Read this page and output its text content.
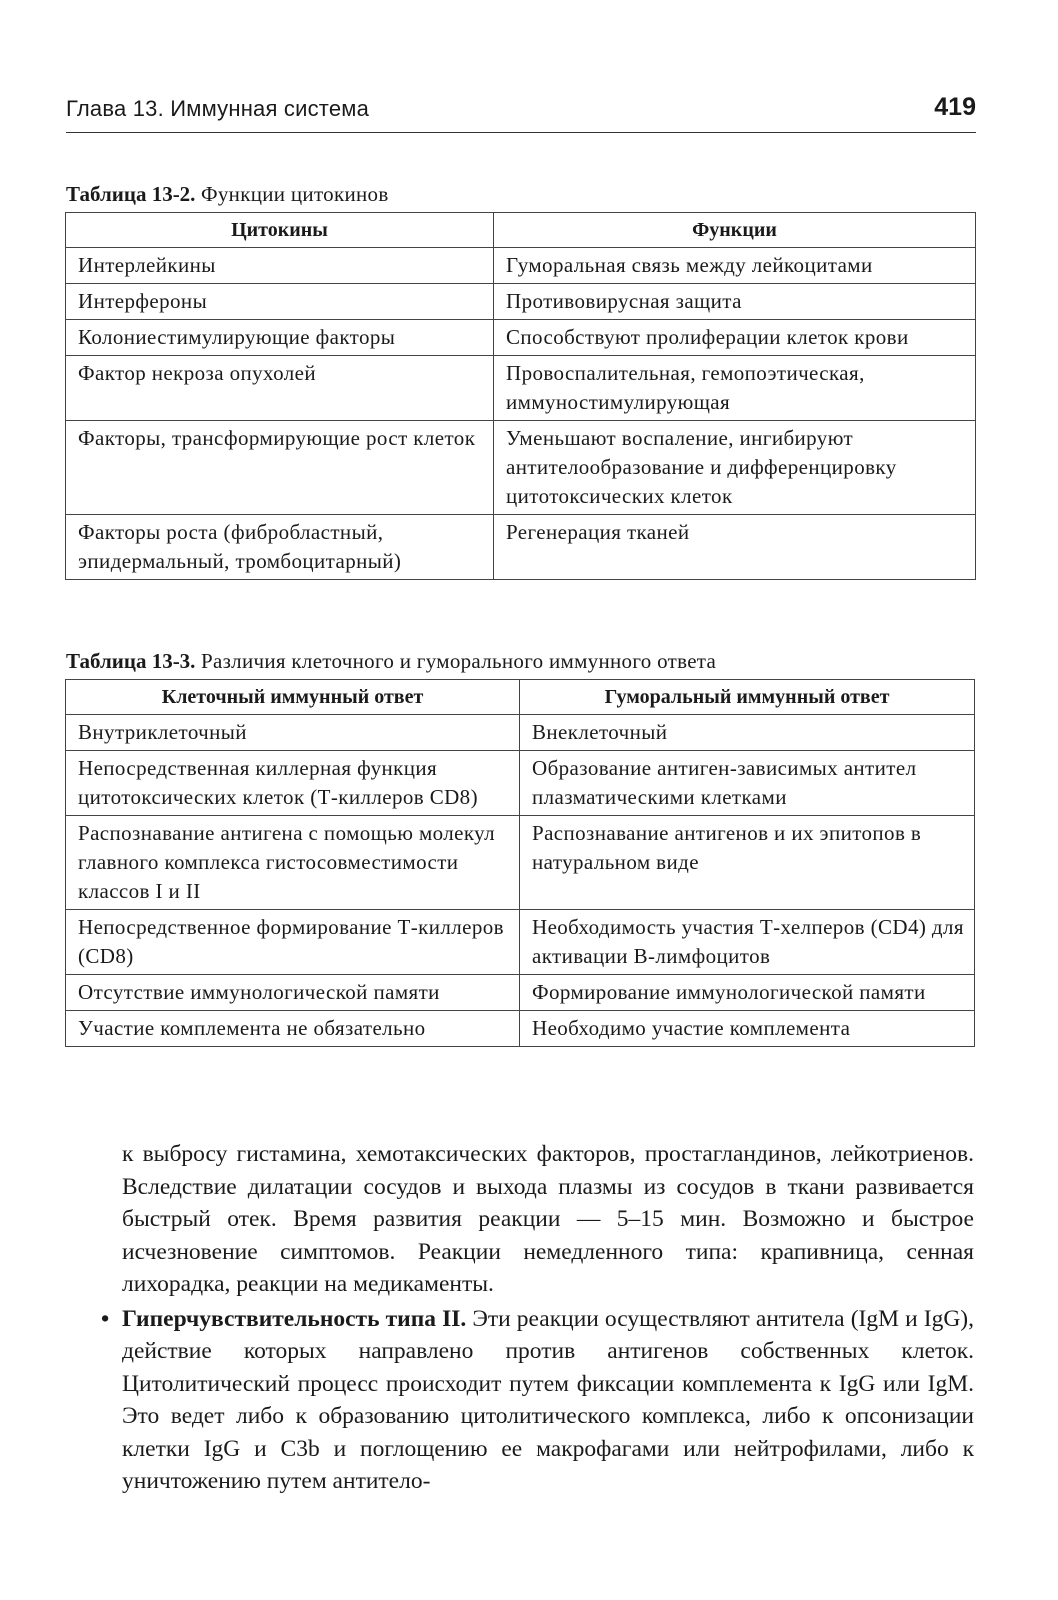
Глава 13. Иммунная система	419
Таблица 13-2. Функции цитокинов
Цитокины	Функции
Интерлейкины	Гуморальная связь между лейкоцитами
Интерфероны	Противовирусная защита
Колониестимулирующие факторы	Способствуют пролиферации клеток крови
Фактор некроза опухолей	Провоспалительная, гемопоэтическая, иммуностимулирующая
Факторы, трансформирующие рост клеток	Уменьшают воспаление, ингибируют антителообразование и дифференцировку цитотоксических клеток
Факторы роста (фибробластный, эпидермальный, тромбоцитарный)	Регенерация тканей
Таблица 13-3. Различия клеточного и гуморального иммунного ответа
Клеточный иммунный ответ	Гуморальный иммунный ответ
Внутриклеточный	Внеклеточный
Непосредственная киллерная функция цитотоксических клеток (Т-киллеров CD8)	Образование антиген-зависимых антител плазматическими клетками
Распознавание антигена с помощью молекул главного комплекса гистосовместимости классов I и II	Распознавание антигенов и их эпитопов в натуральном виде
Непосредственное формирование Т-киллеров (CD8)	Необходимость участия Т-хелперов (CD4) для активации В-лимфоцитов
Отсутствие иммунологической памяти	Формирование иммунологической памяти
Участие комплемента не обязательно	Необходимо участие комплемента

к выбросу гистамина, хемотаксических факторов, простагландинов, лейкотриенов. Вследствие дилатации сосудов и выхода плазмы из сосудов в ткани развивается быстрый отек. Время развития реакции — 5–15 мин. Возможно и быстрое исчезновение симптомов. Реакции немедленного типа: крапивница, сенная лихорадка, реакции на медикаменты.

• Гиперчувствительность типа II. Эти реакции осуществляют антитела (IgM и IgG), действие которых направлено против антигенов собственных клеток. Цитолитический процесс происходит путем фиксации комплемента к IgG или IgM. Это ведет либо к образованию цитолитического комплекса, либо к опсонизации клетки IgG и C3b и поглощению ее макрофагами или нейтрофилами, либо к уничтожению путем антитело-
